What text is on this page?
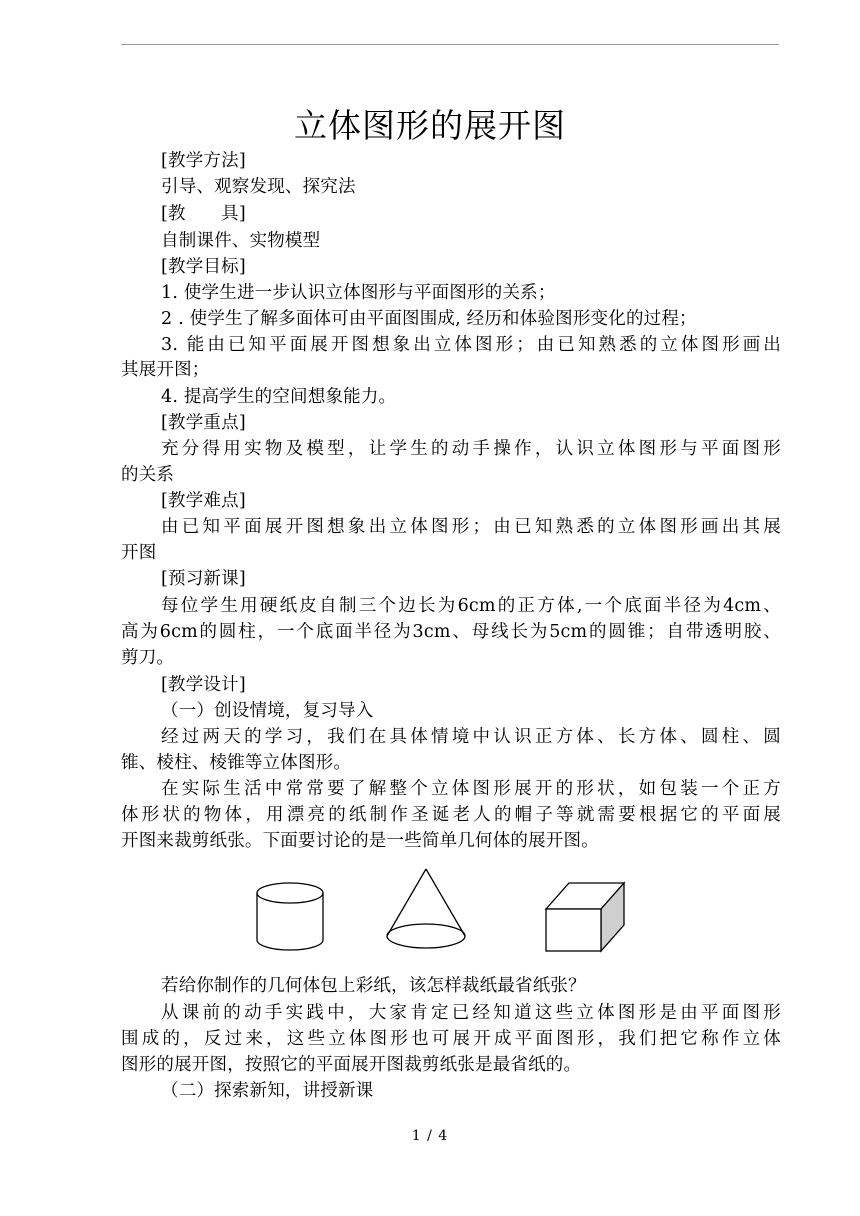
立体图形的展开图
[教学方法]
引导、观察发现、探究法
[教　　具]
自制课件、实物模型
[教学目标]
1. 使学生进一步认识立体图形与平面图形的关系；
2 . 使学生了解多面体可由平面图围成, 经历和体验图形变化的过程；
3. 能由已知平面展开图想象出立体图形；由已知熟悉的立体图形画出
其展开图；
4. 提高学生的空间想象能力。
[教学重点]
充分得用实物及模型，让学生的动手操作，认识立体图形与平面图形
的关系
[教学难点]
由已知平面展开图想象出立体图形；由已知熟悉的立体图形画出其展
开图
[预习新课]
每位学生用硬纸皮自制三个边长为6cm的正方体,一个底面半径为4cm、
高为6cm的圆柱，一个底面半径为3cm、母线长为5cm的圆锥；自带透明胶、
剪刀。
[教学设计]
（一）创设情境，复习导入
经过两天的学习，我们在具体情境中认识正方体、长方体、圆柱、圆
锥、棱柱、棱锥等立体图形。
在实际生活中常常要了解整个立体图形展开的形状，如包装一个正方
体形状的物体，用漂亮的纸制作圣诞老人的帽子等就需要根据它的平面展
开图来裁剪纸张。下面要讨论的是一些简单几何体的展开图。
若给你制作的几何体包上彩纸，该怎样裁纸最省纸张？
从课前的动手实践中，大家肯定已经知道这些立体图形是由平面图形
围成的，反过来，这些立体图形也可展开成平面图形，我们把它称作立体
图形的展开图，按照它的平面展开图裁剪纸张是最省纸的。
（二）探索新知，讲授新课
1 / 4
